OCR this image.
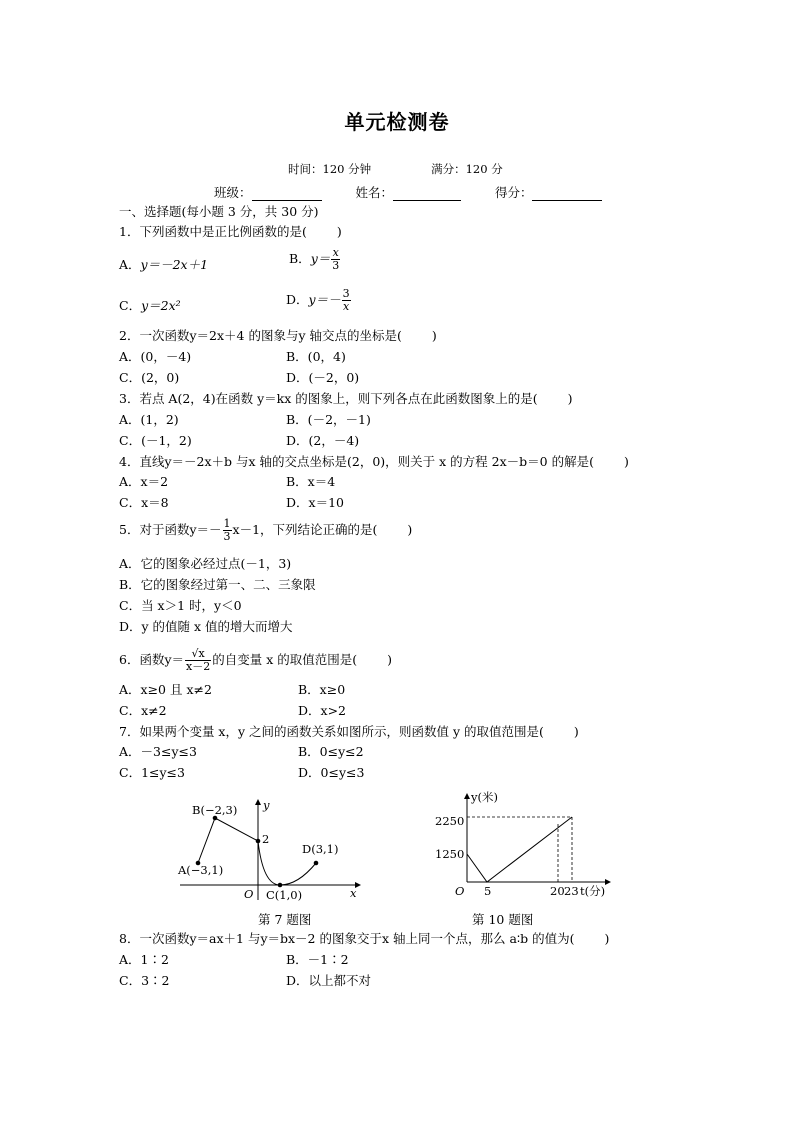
单元检测卷
时间：120 分钟	满分：120 分
班级：	姓名：	得分：
一、选择题(每小题 3 分，共 30 分)
1．下列函数中是正比例函数的是( )
A．y＝－2x＋1	B．$y= \frac{x}{3}$
C．y＝2x²	D．$y=- \frac{3}{x}$
2．一次函数y＝2x＋4 的图象与y 轴交点的坐标是( )
A．(0，－4)	B．(0，4)
C．(2，0)	D．(－2，0)
3．若点 A(2，4)在函数 y＝kx 的图象上，则下列各点在此函数图象上的是( )
A．(1，2)	B．(－2，－1)
C．(－1，2)	D．(2，－4)
4．直线y＝－2x＋b 与x 轴的交点坐标是(2，0)，则关于 x 的方程 2x－b＝0 的解是( )
A．x＝2	B．x＝4
C．x＝8	D．x＝10
5．对于函数$y=- \frac{1}{3} x-1$，下列结论正确的是( )
A．它的图象必经过点(－1，3)
B．它的图象经过第一、二、三象限
C．当 x＞1 时，y＜0
D．y 的值随 x 值的增大而增大
6．函数$y= \frac{√x}{x-2}$ 的自变量 x 的取值范围是( )
A．x≥0 且 x≠2	B．x≥0
C．x≠2	D．x>2
7．如果两个变量 x，y 之间的函数关系如图所示，则函数值 y 的取值范围是( )
A．－3≤y≤3	B．0≤y≤2
C．1≤y≤3	D．0≤y≤3
B(−2,3)
A(−3,1)
2
C(1,0)
D(3,1)
O	x
y
第 7 题图
y(米)
2250
1250
O 5	20 23 t(分)
第 10 题图
8．一次函数y＝ax＋1 与y＝bx－2 的图象交于x 轴上同一个点，那么 a∶b 的值为( )
A．1∶2	B．－1∶2
C．3∶2	D．以上都不对
